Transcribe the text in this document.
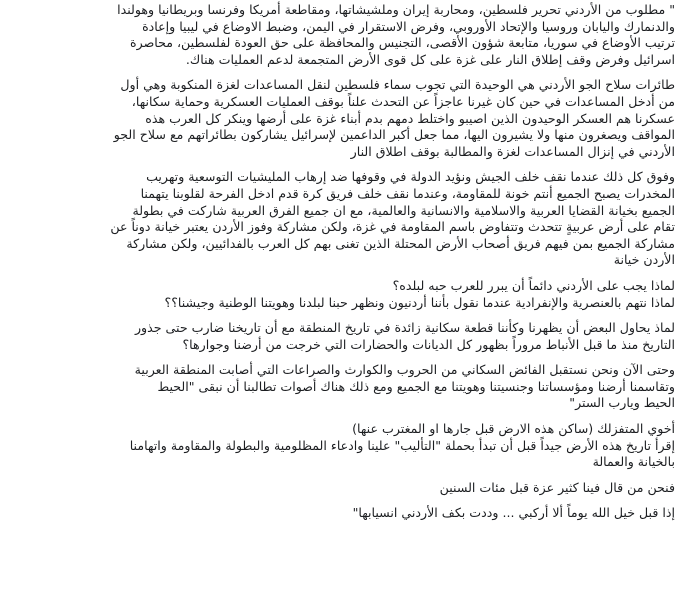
" مطلوب من الأردني تحرير فلسطين، ومحاربة إيران وملشيشاتها، ومقاطعة أمريكا وفرنسا وبريطانيا وهولندا
والدنمارك واليابان وروسيا والإتحاد الأوروبي، وفرض الاستقرار في اليمن، وضبط الاوضاع في ليبيا وإعادة
ترتيب الأوضاع في سوريا، متابعة شؤون الأقصى، التجنيس والمحافظة على حق العودة لفلسطين، محاصرة
اسرائيل وفرض وقف إطلاق النار على غزة على كل قوى الأرض المتجمعة لدعم العمليات هناك.

طائرات سلاح الجو الأردني هي الوحيدة التي تجوب سماء فلسطين لنقل المساعدات لغزة المنكوبة وهي أول
من أدخل المساعدات في حين كان غيرنا عاجزاً عن التحدث علناً بوقف العمليات العسكرية وحماية سكانها،
عسكرنا هم العسكر الوحيدون الذين اصيبو واختلط دمهم بدم أبناء غزة على أرضها وينكر كل العرب هذه
المواقف ويصغرون منها ولا يشيرون اليها، مما جعل أكبر الداعمين لإسرائيل يشاركون بطائراتهم مع سلاح الجو
الأردني في إنزال المساعدات لغزة والمطالبة بوقف اطلاق النار

وفوق كل ذلك عندما نقف خلف الجيش ونؤيد الدولة في وقوفها ضد إرهاب المليشيات التوسعية وتهريب
المخدرات يصبح الجميع أنتم خونة للمقاومة، وعندما نقف خلف فريق كرة قدم ادخل الفرحة لقلوبنا يتهمنا
الجميع بخيانة القضايا العربية والاسلامية والانسانية والعالمية، مع ان جميع الفرق العربية شاركت في بطولة
تقام على أرض عربيةٍ تتحدث وتتفاوض باسم المقاومة في غزة، ولكن مشاركة وفوز الأردن يعتبر خيانة دوناً عن
مشاركة الجميع بمن فيهم فريق أصحاب الأرض المحتلة الذين تغنى بهم كل العرب بالفدائيين، ولكن مشاركة
الأردن خيانة

لماذا يجب على الأردني دائماً أن يبرر للعرب حبه لبلده؟
لماذا نتهم بالعنصرية والإنفرادية عندما نقول بأننا أردنيون ونظهر حبنا لبلدنا وهويتنا الوطنية وجيشنا؟؟

لماذ يحاول البعض أن يظهرنا وكأننا قطعة سكانية زائدة في تاريخ المنطقة مع أن تاريخنا ضارب حتى جذور
التاريخ منذ ما قبل الأنباط مروراً بظهور كل الديانات والحضارات التي خرجت من أرضنا وجوارها؟

وحتى الآن ونحن نستقبل الفائض السكاني من الحروب والكوارث والصراعات التي أصابت المنطقة العربية
وتقاسمنا أرضنا ومؤسساتنا وجنسيتنا وهويتنا مع الجميع ومع ذلك هناك أصوات تطالبنا أن نبقى "الحيط
الحيط ويارب الستر"

أخوي المتفزلك (ساكن هذه الارض قبل جارها او المغترب عنها)
إقرأ تاريخ هذه الأرض جيداً قبل أن تبدأ بحملة "التأليب" علينا وادعاء المظلومية والبطولة والمقاومة واتهامنا
بالخيانة والعمالة

فنحن من قال فينا كثير عزة قبل مئات السنين

إذا قبل خيل الله يوماً ألا أركبي ... وددت بكف الأردني انسيابها"
